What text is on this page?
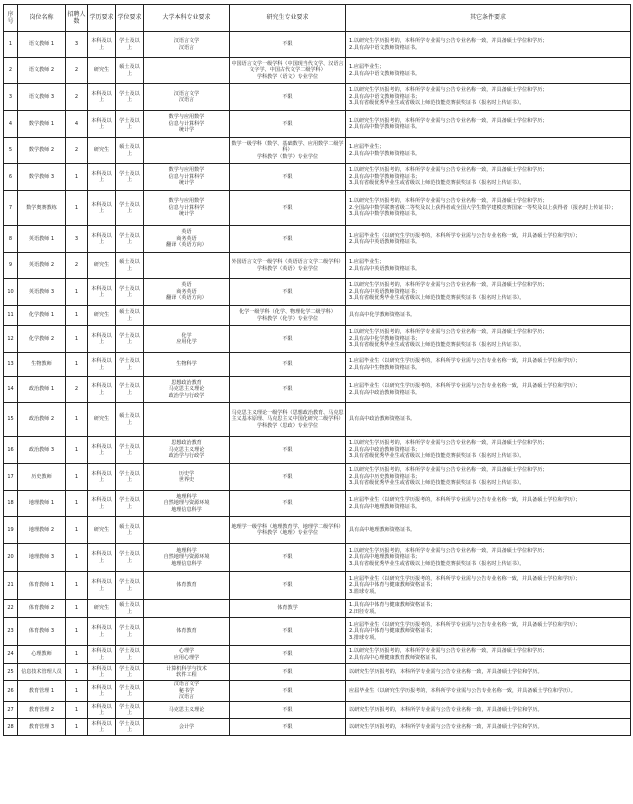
序号	岗位名称	招聘人数	学历要求	学位要求	大学本科专业要求	研究生专业要求	其它条件要求
1	语文教师 1	3	本科及以上	学士及以上	汉语言文学
汉语言	不限	1.以研究生学历报考的，本科所学专业需与公告专业名称一致，并具备硕士学位和学历；
2.具有高中语文教师资格证书。
2	语文教师 2	2	研究生	硕士及以上		中国语言文学一级学科（中国现当代文学、汉语言文字学、中国古代文学二级学科）
学科教学（语文）专业学位	1.应届毕业生；
2.具有高中语文教师资格证书。
3	语文教师 3	2	本科及以上	学士及以上	汉语言文学
汉语言	不限	1.以研究生学历报考的，本科所学专业需与公告专业名称一致，并具备硕士学位和学历；
2.具有高中语文教师资格证书；
3.具有省级优秀毕业生或省级以上师范技能竞赛获奖证书（报名时上传证书）。
4	数学教师 1	4	本科及以上	学士及以上	数学与应用数学
信息与计算科学
统计学	不限	1.以研究生学历报考的，本科所学专业需与公告专业名称一致，并具备硕士学位和学历；
2.具有高中数学教师资格证书。
5	数学教师 2	2	研究生	硕士及以上		数学一级学科（数学、基础数学、应用数学二级学科）
学科教学（数学）专业学位	1.应届毕业生；
2.具有高中数学教师资格证书。
6	数学教师 3	1	本科及以上	学士及以上	数学与应用数学
信息与计算科学
统计学	不限	1.以研究生学历报考的，本科所学专业需与公告专业名称一致，并具备硕士学位和学历；
2.具有高中数学教师资格证书；
3.具有省级优秀毕业生或省级以上师范技能竞赛获奖证书（报名时上传证书）。
7	数学奥赛教练	1	本科及以上	学士及以上	数学与应用数学
信息与计算科学
统计学	不限	1.以研究生学历报考的，本科所学专业需与公告专业名称一致，并具备硕士学位和学历；
2.全国高中数学联赛省级二等奖及以上获得者或全国大学生数学建模竞赛国家一等奖及以上获得者（报名时上传证书）；
3.具有高中数学教师资格证书。
8	英语教师 1	3	本科及以上	学士及以上	英语
商务英语
翻译（英语方向）	不限	1.应届毕业生（以研究生学历报考的，本科所学专业需与公告专业名称一致，并具备硕士学位和学历）；
2.具有高中英语教师资格证书。
9	英语教师 2	2	研究生	硕士及以上		外国语言文学一级学科（英语语言文学二级学科）
学科教学（英语）专业学位	1.应届毕业生；
2.具有高中英语教师资格证书。
10	英语教师 3	1	本科及以上	学士及以上	英语
商务英语
翻译（英语方向）	不限	1.以研究生学历报考的，本科所学专业需与公告专业名称一致，并具备硕士学位和学历；
2.具有高中英语教师资格证书；
3.具有省级优秀毕业生或省级以上师范技能竞赛获奖证书（报名时上传证书）。
11	化学教师 1	1	研究生	硕士及以上		化学一级学科（化学、物理化学二级学科）
学科教学（化学）专业学位	具有高中化学教师资格证书。
12	化学教师 2	1	本科及以上	学士及以上	化学
应用化学	不限	1.以研究生学历报考的，本科所学专业需与公告专业名称一致，并具备硕士学位和学历；
2.具有高中化学教师资格证书；
3.具有省级优秀毕业生或省级以上师范技能竞赛获奖证书（报名时上传证书）。
13	生物教师	1	本科及以上	学士及以上	生物科学	不限	1.应届毕业生（以研究生学历报考的，本科所学专业需与公告专业名称一致，并具备硕士学位和学历）；
2.具有高中生物教师资格证书。
14	政治教师 1	2	本科及以上	学士及以上	思想政治教育
马克思主义理论
政治学与行政学	不限	1.应届毕业生（以研究生学历报考的，本科所学专业需与公告专业名称一致，并具备硕士学位和学历）；
2.具有高中政治教师资格证书。
15	政治教师 2	1	研究生	硕士及以上		马克思主义理论一级学科（思想政治教育、马克思主义基本原理、马克思主义中国化研究二级学科）
学科教学（思政）专业学位	具有高中政治教师资格证书。
16	政治教师 3	1	本科及以上	学士及以上	思想政治教育
马克思主义理论
政治学与行政学	不限	1.以研究生学历报考的，本科所学专业需与公告专业名称一致，并具备硕士学位和学历；
2.具有高中政治教师资格证书；
3.具有省级优秀毕业生或省级以上师范技能竞赛获奖证书（报名时上传证书）。
17	历史教师	1	本科及以上	学士及以上	历史学
世界史	不限	1.以研究生学历报考的，本科所学专业需与公告专业名称一致，并具备硕士学位和学历；
2.具有高中历史教师资格证书；
3.具有省级优秀毕业生或省级以上师范技能竞赛获奖证书（报名时上传证书）。
18	地理教师 1	1	本科及以上	学士及以上	地理科学
自然地理与资源环境
地理信息科学	不限	1.应届毕业生（以研究生学历报考的，本科所学专业需与公告专业名称一致，并具备硕士学位和学历）；
2.具有高中地理教师资格证书。
19	地理教师 2	1	研究生	硕士及以上		地理学一级学科（地理教育学、地理学二级学科）
学科教学（地理）专业学位	具有高中地理教师资格证书。
20	地理教师 3	1	本科及以上	学士及以上	地理科学
自然地理与资源环境
地理信息科学	不限	1.以研究生学历报考的，本科所学专业需与公告专业名称一致，并具备硕士学位和学历；
2.具有高中地理教师资格证书；
3.具有省级优秀毕业生或省级以上师范技能竞赛获奖证书（报名时上传证书）。
21	体育教师 1	1	本科及以上	学士及以上	体育教育	不限	1.应届毕业生（以研究生学历报考的，本科所学专业需与公告专业名称一致，并具备硕士学位和学历）；
2.具有高中体育与健康教师资格证书；
3.篮球专项。
22	体育教师 2	1	研究生	硕士及以上		体育教学	1.具有高中体育与健康教师资格证书；
2.田径专项。
23	体育教师 3	1	本科及以上	学士及以上	体育教育	不限	1.应届毕业生（以研究生学历报考的，本科所学专业需与公告专业名称一致，并具备硕士学位和学历）；
2.具有高中体育与健康教师资格证书；
3.排球专项。
24	心理教师	1	本科及以上	学士及以上	心理学
应用心理学	不限	1.以研究生学历报考的，本科所学专业需与公告专业名称一致，并具备硕士学位和学历；
2.具有高中心理健康教育教师资格证书。
25	信息技术管理人员	1	本科及以上	学士及以上	计算机科学与技术
软件工程	不限	以研究生学历报考的，本科所学专业需与公告专业名称一致，并具备硕士学位和学历。
26	教育管理 1	1	本科及以上	学士及以上	汉语言文学
秘书学
汉语言	不限	应届毕业生（以研究生学历报考的，本科所学专业需与公告专业名称一致，并具备硕士学位和学历）。
27	教育管理 2	1	本科及以上	学士及以上	马克思主义理论	不限	以研究生学历报考的，本科所学专业需与公告专业名称一致，并具备硕士学位和学历。
28	教育管理 3	1	本科及以上	学士及以上	会计学	不限	以研究生学历报考的，本科所学专业需与公告专业名称一致，并具备硕士学位和学历。
